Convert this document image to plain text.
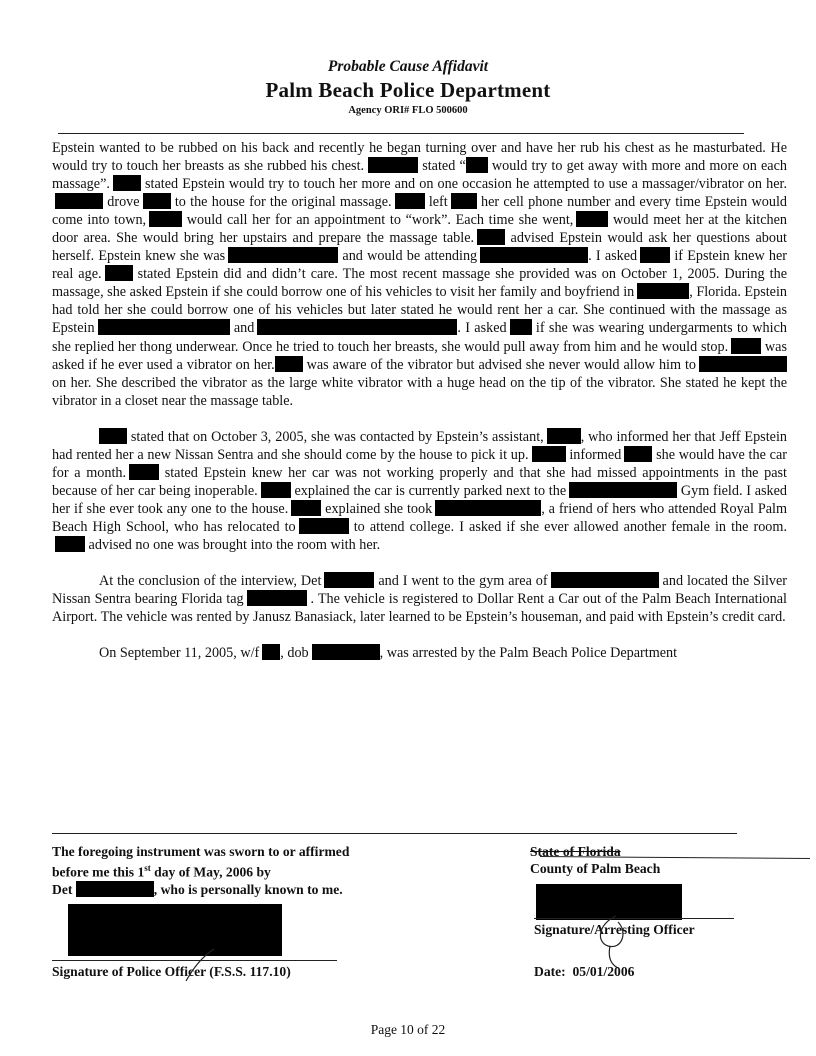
Probable Cause Affidavit
Palm Beach Police Department
Agency ORI# FLO 500600

Epstein wanted to be rubbed on his back and recently he began turning over and have her rub his chest as he masturbated. He would try to touch her breasts as she rubbed his chest.	stated “ would try to get away with more and more on each massage”. stated Epstein would try to touch her more and on one occasion he attempted to use a massager/vibrator on her. drove to the house for the original massage. left her cell phone number and every time Epstein would come into town,	would call her for an appointment to “work”. Each time she went, would meet her at the kitchen door area. She would bring her upstairs and prepare the massage table. advised Epstein would ask her questions about herself. Epstein knew she was	and would be attending	. I asked if Epstein knew her real age. stated Epstein did and didn’t care. The most recent massage she provided was on October 1, 2005. During the massage, she asked Epstein if she could borrow one of his vehicles to visit her family and boyfriend in	, Florida. Epstein had told her she could borrow one of his vehicles but later stated he would rent her a car. She continued with the massage as Epstein	and	. I asked if she was wearing undergarments to which she replied her thong underwear. Once he tried to touch her breasts, she would pull away from him and he would stop. was asked if he ever used a vibrator on her. was aware of the vibrator but advised she never would allow him to on her. She described the vibrator as the large white vibrator with a huge head on the tip of the vibrator. She stated he kept the vibrator in a closet near the massage table.

stated that on October 3, 2005, she was contacted by Epstein’s assistant,	, who informed her that Jeff Epstein had rented her a new Nissan Sentra and she should come by the house to pick it up.	informed she would have the car for a month. stated Epstein knew her car was not working properly and that she had missed appointments in the past because of her car being inoperable. explained the car is currently parked next to the	Gym field. I asked her if she ever took any one to the house. explained she took	, a friend of hers who attended Royal Palm Beach High School, who has relocated to	to attend college. I asked if she ever allowed another female in the room. advised no one was brought into the room with her.

At the conclusion of the interview, Det	and I went to the gym area of	and located the Silver Nissan Sentra bearing Florida tag	. The vehicle is registered to Dollar Rent a Car out of the Palm Beach International Airport. The vehicle was rented by Janusz Banasiack, later learned to be Epstein’s houseman, and paid with Epstein’s credit card.

On September 11, 2005, w/f , dob	, was arrested by the Palm Beach Police Department

The foregoing instrument was sworn to or affirmed
before me this 1st day of May, 2006 by
Det	, who is personally known to me.
State of Florida
County of Palm Beach
Signature of Police Officer (F.S.S. 117.10)
Signature/Arresting Officer
Date: 05/01/2006
Page 10 of 22
